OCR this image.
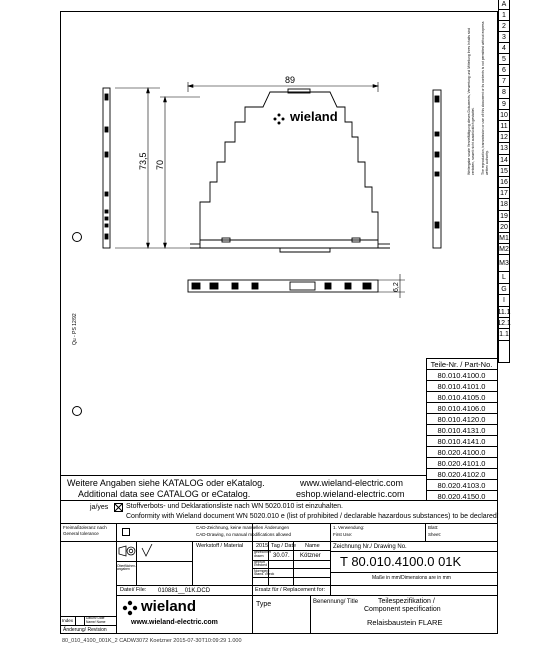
A
1
2
3
4
5
6
7
8
9
10
11
12
13
14
15
16
17
18
19
20
M1
M2
M3
L
G
I
11.1
12.1
1.1
Weitergabe sowie Vervielfältigung dieses Dokuments, Verwertung und Mitteilung ihres Inhalts sind verboten, soweit nicht ausdrücklich gestattet. The reproduction, transmission or use of this document or its contents is not permitted without express written authority.
Qu - PS 12/92
89
73,5 70
6,2
wieland
Teile-Nr. / Part-No.
80.010.4100.0
80.010.4101.0
80.010.4105.0
80.010.4106.0
80.010.4120.0
80.010.4131.0
80.010.4141.0
80.020.4100.0
80.020.4101.0
80.020.4102.0
80.020.4103.0
80.020.4150.0
Weitere Angaben siehe KATALOG oder eKatalog.
Additional data see CATALOG or eCatalog.
www.wieland-electric.com
eshop.wieland-electric.com
ja/yes	Stoffverbots- und Deklarationsliste nach WN 5020.010 ist einzuhalten.
Conformity with Wieland document WN 5020.010 e (list of prohibited / declarable hazardous substances) to be declared!
Freimaßtoleranz nach
General tolerance
CAD-Zeichnung, keine manuellen Änderungen
CAD-Drawing, no manual modifications allowed
1. Verwendung:
First Use:
Blatt:
Sheet:
Oberflächen-angaben
Werkstoff / Material 2015 Tag / Date Name
gezeichnet
drawn 30.07. Kötzner
geprüft
checked
Normgepr.
Stand. check
Zeichnung Nr./ Drawing No.
T 80.010.4100.0 01K
Maße in mm/Dimensions are in mm
Datei/ File: 010881__01K.DCD	Ersatz für / Replacement for:
Type	Benennung/ Title	Teilespezifikation /
Component specification
Relaisbaustein FLARE
wieland
www.wieland-electric.com
Datum/ Date
Name/ Name
Index
Änderung/ Revision
80_010_4100_001K_2 CADW3072 Koetzner 2015-07-30T10:09:29 1.000
